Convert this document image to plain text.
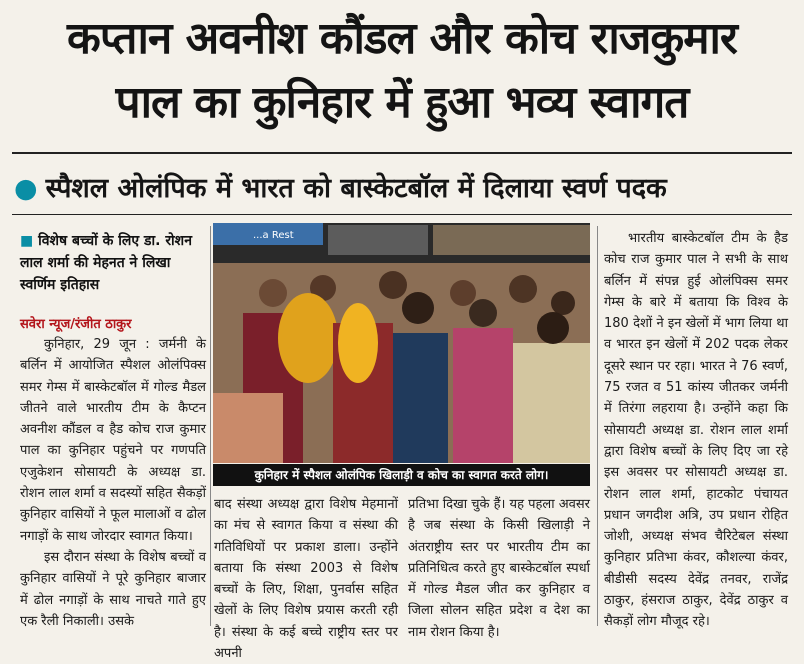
कप्तान अवनीश कौंडल और कोच राजकुमार
पाल का कुनिहार में हुआ भव्य स्वागत
● स्पैशल ओलंपिक में भारत को बास्केटबॉल में दिलाया स्वर्ण पदक
■ विशेष बच्चों के लिए डा. रोशन लाल शर्मा की मेहनत ने लिखा स्वर्णिम इतिहास
सवेरा न्यूज/रंजीत ठाकुर

कुनिहार, 29 जून : जर्मनी के बर्लिन में आयोजित स्पैशल ओलंपिक्स समर गेम्स में बास्केटबॉल में गोल्ड मैडल जीतने वाले भारतीय टीम के कैप्टन अवनीश कौंडल व हैड कोच राज कुमार पाल का कुनिहार पहुंचने पर गणपति एजुकेशन सोसायटी के अध्यक्ष डा. रोशन लाल शर्मा व सदस्यों सहित सैकड़ों कुनिहार वासियों ने फूल मालाओं व ढोल नगाड़ों के साथ जोरदार स्वागत किया।

इस दौरान संस्था के विशेष बच्चों व कुनिहार वासियों ने पूरे कुनिहार बाजार में ढोल नगाड़ों के साथ नाचते गाते हुए एक रैली निकाली। उसके

...a Rest
कुनिहार में स्पैशल ओलंपिक खिलाड़ी व कोच का स्वागत करते लोग।

बाद संस्था अध्यक्ष द्वारा विशेष मेहमानों का मंच से स्वागत किया व संस्था की गतिविधियों पर प्रकाश डाला। उन्होंने बताया कि संस्था 2003 से विशेष बच्चों के लिए, शिक्षा, पुनर्वास सहित खेलों के लिए विशेष प्रयास करती रही है। संस्था के कई बच्चे राष्ट्रीय स्तर पर अपनी

प्रतिभा दिखा चुके हैं। यह पहला अवसर है जब संस्था के किसी खिलाड़ी ने अंतराष्ट्रीय स्तर पर भारतीय टीम का प्रतिनिधित्व करते हुए बास्केटबॉल स्पर्धा में गोल्ड मैडल जीत कर कुनिहार व जिला सोलन सहित प्रदेश व देश का नाम रोशन किया है।

भारतीय बास्केटबॉल टीम के हैड कोच राज कुमार पाल ने सभी के साथ बर्लिन में संपन्न हुई ओलंपिक्स समर गेम्स के बारे में बताया कि विश्व के 180 देशों ने इन खेलों में भाग लिया था व भारत इन खेलों में 202 पदक लेकर दूसरे स्थान पर रहा। भारत ने 76 स्वर्ण, 75 रजत व 51 कांस्य जीतकर जर्मनी में तिरंगा लहराया है। उन्होंने कहा कि सोसायटी अध्यक्ष डा. रोशन लाल शर्मा द्वारा विशेष बच्चों के लिए दिए जा रहे इस अवसर पर सोसायटी अध्यक्ष डा. रोशन लाल शर्मा, हाटकोट पंचायत प्रधान जगदीश अत्रि, उप प्रधान रोहित जोशी, अध्यक्ष संभव चैरिटेबल संस्था कुनिहार प्रतिभा कंवर, कौशल्या कंवर, बीडीसी सदस्य देवेंद्र तनवर, राजेंद्र ठाकुर, हंसराज ठाकुर, देवेंद्र ठाकुर व सैकड़ों लोग मौजूद रहे।
